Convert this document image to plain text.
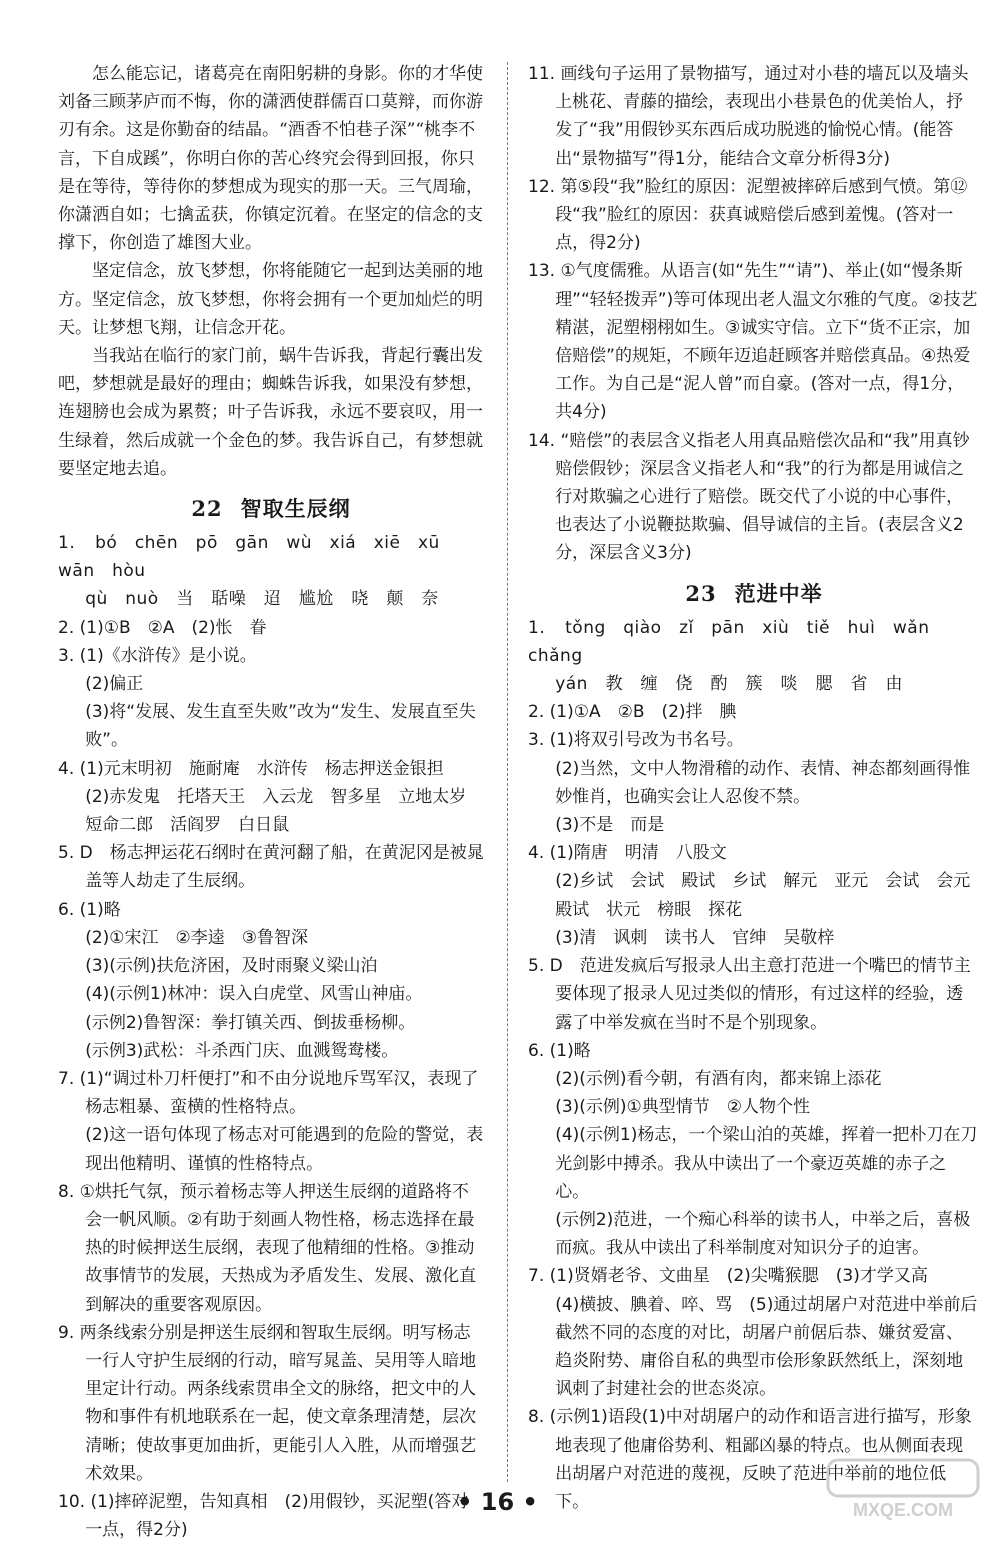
怎么能忘记，诸葛亮在南阳躬耕的身影。你的才华使刘备三顾茅庐而不悔，你的潇洒使群儒百口莫辩，而你游刃有余。这是你勤奋的结晶。“酒香不怕巷子深”“桃李不言，下自成蹊”，你明白你的苦心终究会得到回报，你只是在等待，等待你的梦想成为现实的那一天。三气周瑜，你潇洒自如；七擒孟获，你镇定沉着。在坚定的信念的支撑下，你创造了雄图大业。

坚定信念，放飞梦想，你将能随它一起到达美丽的地方。坚定信念，放飞梦想，你将会拥有一个更加灿烂的明天。让梦想飞翔，让信念开花。

当我站在临行的家门前，蜗牛告诉我，背起行囊出发吧，梦想就是最好的理由；蜘蛛告诉我，如果没有梦想，连翅膀也会成为累赘；叶子告诉我，永远不要哀叹，用一生绿着，然后成就一个金色的梦。我告诉自己，有梦想就要坚定地去追。

22 智取生辰纲

1. bó　chēn　pō　gān　wù　xiá　xiē　xū　wān　hòu

qù　nuò　当　聒噪　迢　尴尬　哓　颠　奈

2. (1)①B　②A　(2)怅　眷

3. (1)《水浒传》是小说。

(2)偏正

(3)将“发展、发生直至失败”改为“发生、发展直至失败”。

4. (1)元末明初　施耐庵　水浒传　杨志押送金银担

(2)赤发鬼　托塔天王　入云龙　智多星　立地太岁　短命二郎　活阎罗　白日鼠

5. D　杨志押运花石纲时在黄河翻了船，在黄泥冈是被晁盖等人劫走了生辰纲。

6. (1)略

(2)①宋江　②李逵　③鲁智深

(3)(示例)扶危济困，及时雨聚义梁山泊

(4)(示例1)林冲：误入白虎堂、风雪山神庙。

(示例2)鲁智深：拳打镇关西、倒拔垂杨柳。

(示例3)武松：斗杀西门庆、血溅鸳鸯楼。

7. (1)“调过朴刀杆便打”和不由分说地斥骂军汉，表现了杨志粗暴、蛮横的性格特点。

(2)这一语句体现了杨志对可能遇到的危险的警觉，表现出他精明、谨慎的性格特点。

8. ①烘托气氛，预示着杨志等人押送生辰纲的道路将不会一帆风顺。②有助于刻画人物性格，杨志选择在最热的时候押送生辰纲，表现了他精细的性格。③推动故事情节的发展，天热成为矛盾发生、发展、激化直到解决的重要客观原因。

9. 两条线索分别是押送生辰纲和智取生辰纲。明写杨志一行人守护生辰纲的行动，暗写晁盖、吴用等人暗地里定计行动。两条线索贯串全文的脉络，把文中的人物和事件有机地联系在一起，使文章条理清楚，层次清晰；使故事更加曲折，更能引人入胜，从而增强艺术效果。

10. (1)摔碎泥塑，告知真相　(2)用假钞，买泥塑(答对一点，得2分)

11. 画线句子运用了景物描写，通过对小巷的墙瓦以及墙头上桃花、青藤的描绘，表现出小巷景色的优美怡人，抒发了“我”用假钞买东西后成功脱逃的愉悦心情。(能答出“景物描写”得1分，能结合文章分析得3分)

12. 第⑤段“我”脸红的原因：泥塑被摔碎后感到气愤。第⑫段“我”脸红的原因：获真诚赔偿后感到羞愧。(答对一点，得2分)

13. ①气度儒雅。从语言(如“先生”“请”)、举止(如“慢条斯理”“轻轻拨弄”)等可体现出老人温文尔雅的气度。②技艺精湛，泥塑栩栩如生。③诚实守信。立下“货不正宗，加倍赔偿”的规矩，不顾年迈追赶顾客并赔偿真品。④热爱工作。为自己是“泥人曾”而自豪。(答对一点，得1分，共4分)

14. “赔偿”的表层含义指老人用真品赔偿次品和“我”用真钞赔偿假钞；深层含义指老人和“我”的行为都是用诚信之行对欺骗之心进行了赔偿。既交代了小说的中心事件，也表达了小说鞭挞欺骗、倡导诚信的主旨。(表层含义2分，深层含义3分)

23 范进中举

1. tǒng　qiào　zǐ　pān　xiù　tiě　huì　wǎn　chǎng

yán　教　缠　侥　酌　簇　啖　腮　省　由

2. (1)①A　②B　(2)拌　腆

3. (1)将双引号改为书名号。

(2)当然，文中人物滑稽的动作、表情、神态都刻画得惟妙惟肖，也确实会让人忍俊不禁。

(3)不是　而是

4. (1)隋唐　明清　八股文

(2)乡试　会试　殿试　乡试　解元　亚元　会试　会元　殿试　状元　榜眼　探花

(3)清　讽刺　读书人　官绅　吴敬梓

5. D　范进发疯后写报录人出主意打范进一个嘴巴的情节主要体现了报录人见过类似的情形，有过这样的经验，透露了中举发疯在当时不是个别现象。

6. (1)略

(2)(示例)看今朝，有酒有肉，都来锦上添花

(3)(示例)①典型情节　②人物个性

(4)(示例1)杨志，一个梁山泊的英雄，挥着一把朴刀在刀光剑影中搏杀。我从中读出了一个豪迈英雄的赤子之心。

(示例2)范进，一个痴心科举的读书人，中举之后，喜极而疯。我从中读出了科举制度对知识分子的迫害。

7. (1)贤婿老爷、文曲星　(2)尖嘴猴腮　(3)才学又高

(4)横披、腆着、啐、骂　(5)通过胡屠户对范进中举前后截然不同的态度的对比，胡屠户前倨后恭、嫌贫爱富、趋炎附势、庸俗自私的典型市侩形象跃然纸上，深刻地讽刺了封建社会的世态炎凉。

8. (示例1)语段(1)中对胡屠户的动作和语言进行描写，形象地表现了他庸俗势利、粗鄙凶暴的特点。也从侧面表现出胡屠户对范进的蔑视，反映了范进中举前的地位低下。

• 16 •	MXQE.COM
